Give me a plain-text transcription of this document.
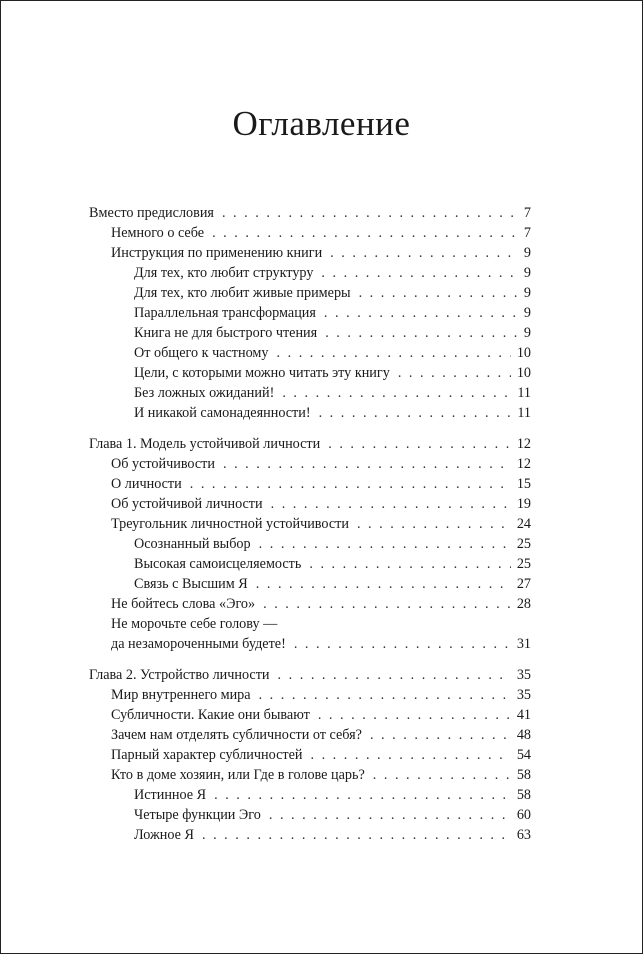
Оглавление
Вместо предисловия . . .	7
Немного о себе . . .	7
Инструкция по применению книги . . .	9
Для тех, кто любит структуру . . .	9
Для тех, кто любит живые примеры . . .	9
Параллельная трансформация . . .	9
Книга не для быстрого чтения . . .	9
От общего к частному . . .	10
Цели, с которыми можно читать эту книгу . . .	10
Без ложных ожиданий! . . .	11
И никакой самонадеянности! . . .	11
Глава 1. Модель устойчивой личности . . .	12
Об устойчивости . . .	12
О личности . . .	15
Об устойчивой личности . . .	19
Треугольник личностной устойчивости . . .	24
Осознанный выбор . . .	25
Высокая самоисцеляемость . . .	25
Связь с Высшим Я . . .	27
Не бойтесь слова «Эго» . . .	28
Не морочьте себе голову —
да незамороченными будете! . . .	31
Глава 2. Устройство личности . . .	35
Мир внутреннего мира . . .	35
Субличности. Какие они бывают . . .	41
Зачем нам отделять субличности от себя? . . .	48
Парный характер субличностей . . .	54
Кто в доме хозяин, или Где в голове царь? . . .	58
Истинное Я . . .	58
Четыре функции Эго . . .	60
Ложное Я . . .	63
